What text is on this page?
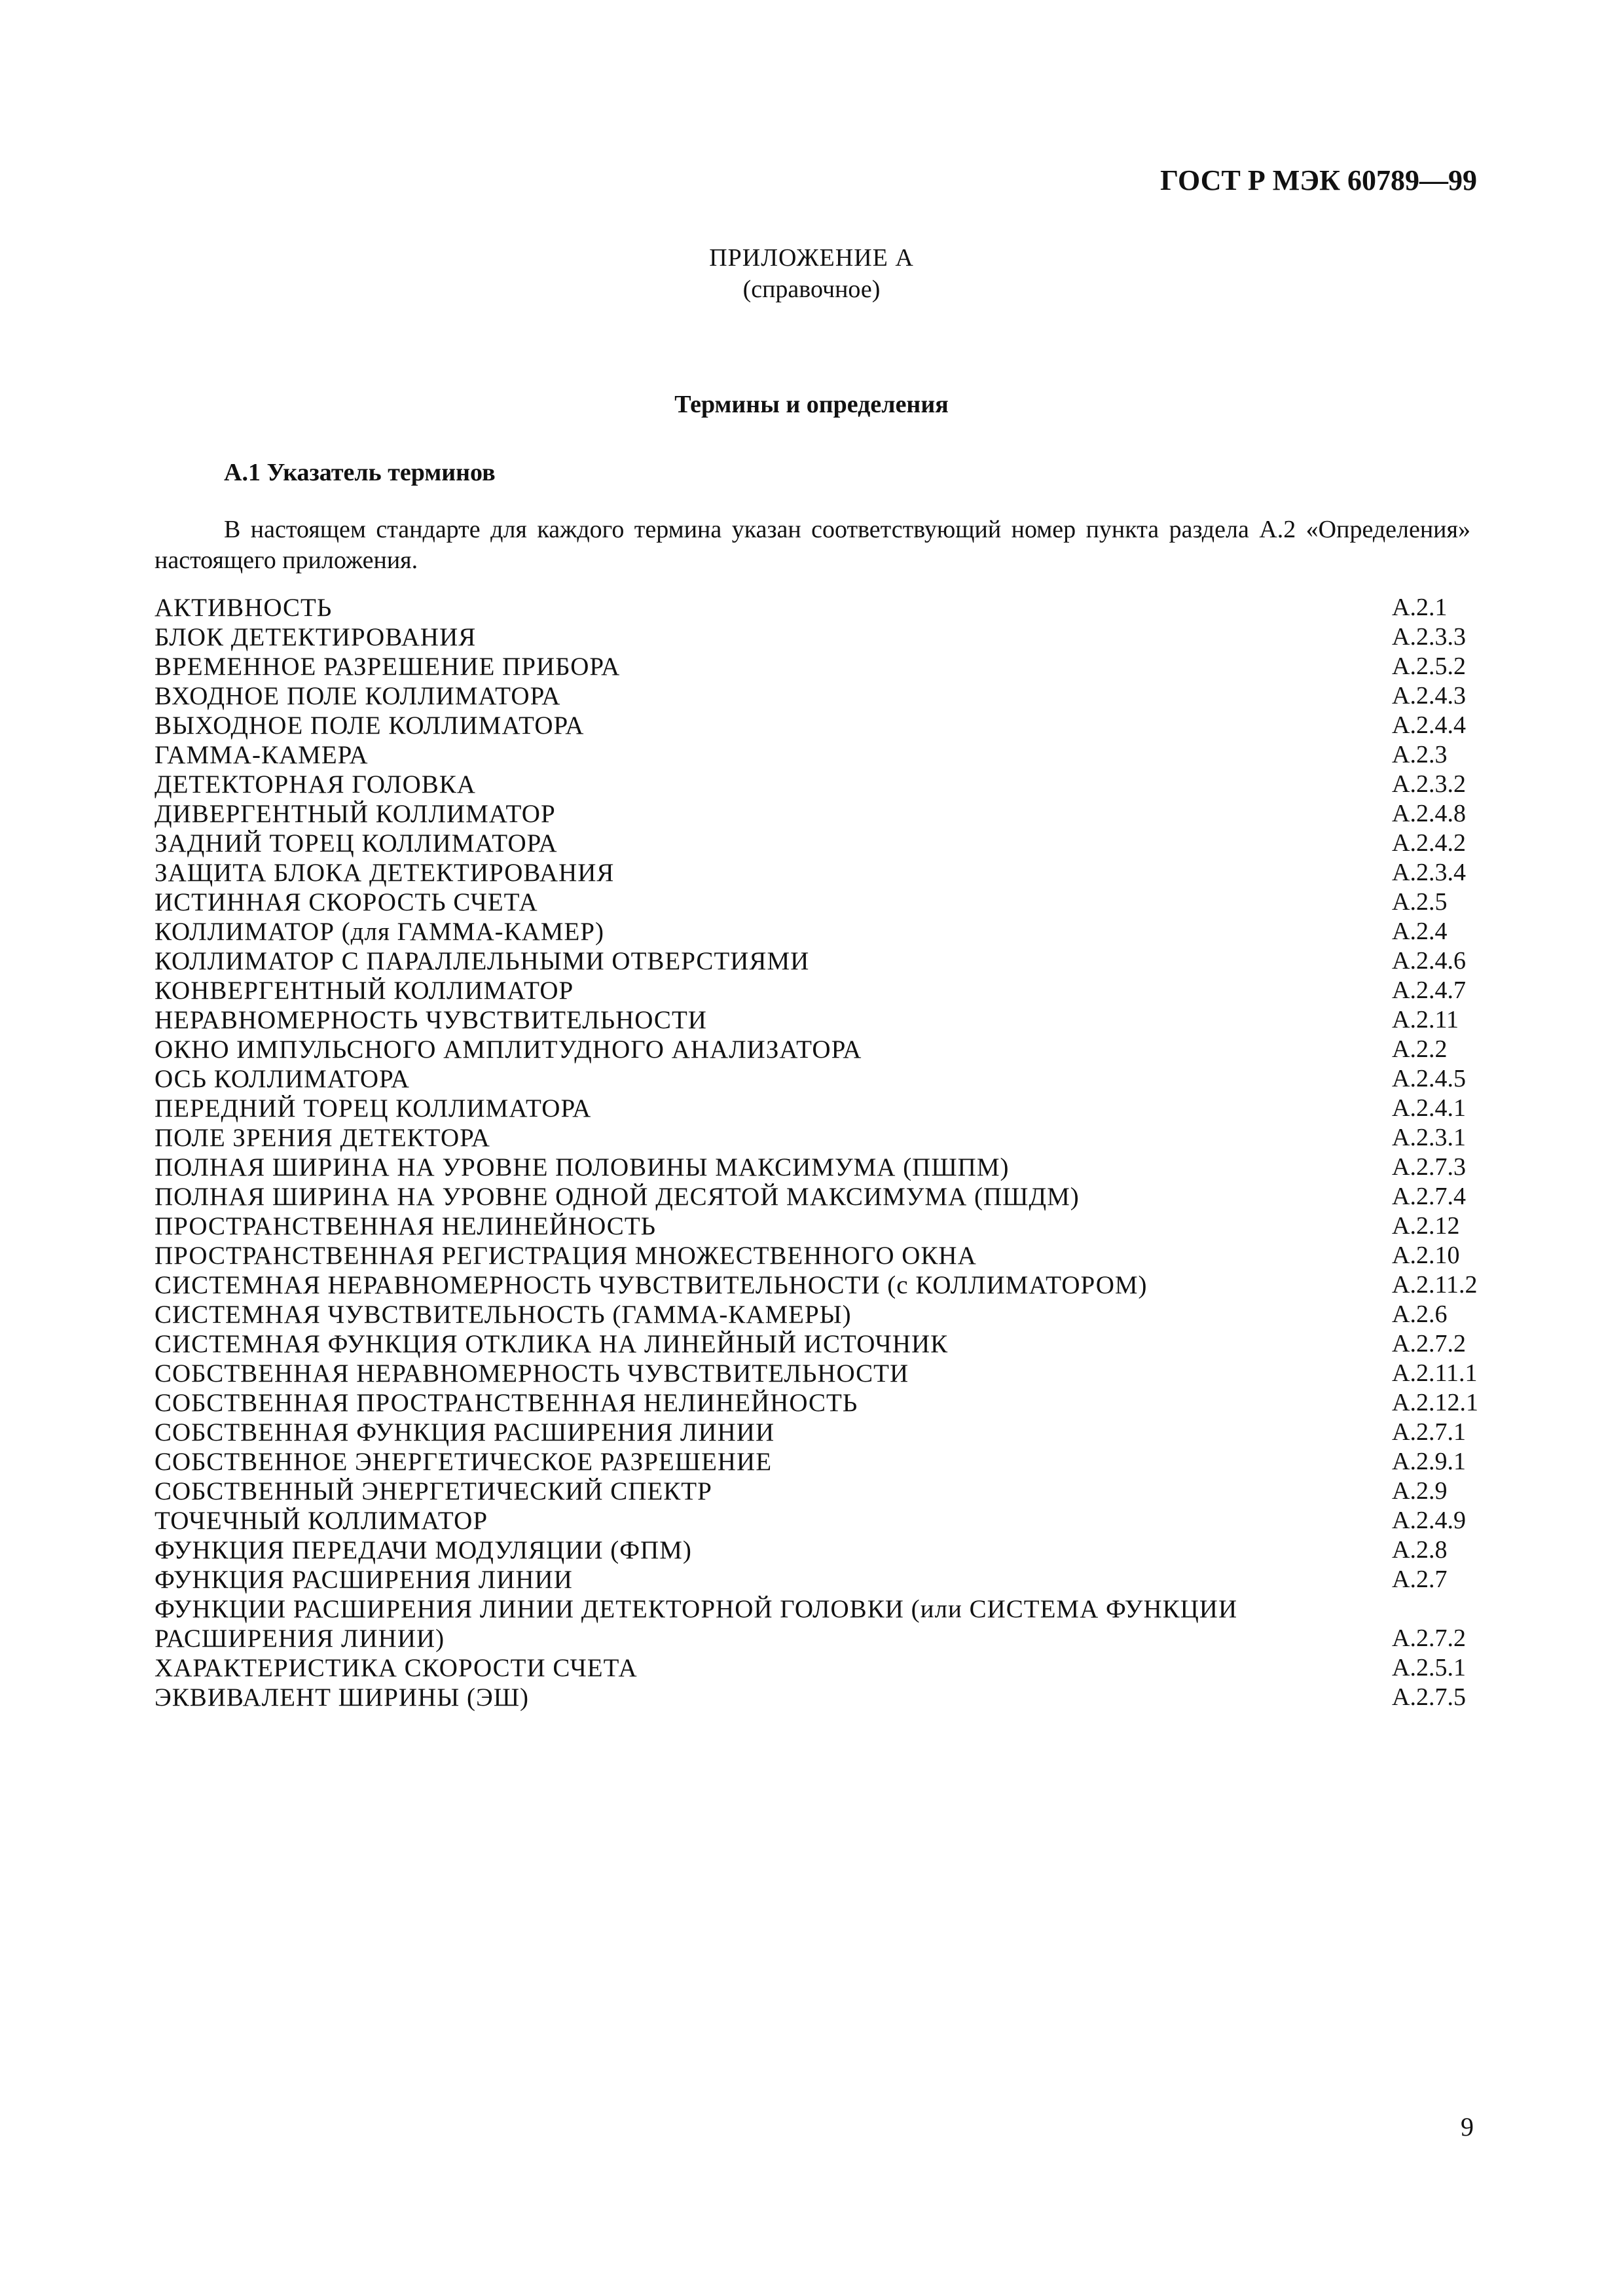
ГОСТ Р МЭК 60789—99
ПРИЛОЖЕНИЕ А
(справочное)
Термины и определения
А.1 Указатель терминов
В настоящем стандарте для каждого термина указан соответствующий номер пункта раздела А.2 «Определения» настоящего приложения.
АКТИВНОСТЬ	А.2.1
БЛОК ДЕТЕКТИРОВАНИЯ	А.2.3.3
ВРЕМЕННОЕ РАЗРЕШЕНИЕ ПРИБОРА	А.2.5.2
ВХОДНОЕ ПОЛЕ КОЛЛИМАТОРА	А.2.4.3
ВЫХОДНОЕ ПОЛЕ КОЛЛИМАТОРА	А.2.4.4
ГАММА-КАМЕРА	А.2.3
ДЕТЕКТОРНАЯ ГОЛОВКА	А.2.3.2
ДИВЕРГЕНТНЫЙ КОЛЛИМАТОР	А.2.4.8
ЗАДНИЙ ТОРЕЦ КОЛЛИМАТОРА	А.2.4.2
ЗАЩИТА БЛОКА ДЕТЕКТИРОВАНИЯ	А.2.3.4
ИСТИННАЯ СКОРОСТЬ СЧЕТА	А.2.5
КОЛЛИМАТОР (для ГАММА-КАМЕР)	А.2.4
КОЛЛИМАТОР С ПАРАЛЛЕЛЬНЫМИ ОТВЕРСТИЯМИ	А.2.4.6
КОНВЕРГЕНТНЫЙ КОЛЛИМАТОР	А.2.4.7
НЕРАВНОМЕРНОСТЬ ЧУВСТВИТЕЛЬНОСТИ	А.2.11
ОКНО ИМПУЛЬСНОГО АМПЛИТУДНОГО АНАЛИЗАТОРА	А.2.2
ОСЬ КОЛЛИМАТОРА	А.2.4.5
ПЕРЕДНИЙ ТОРЕЦ КОЛЛИМАТОРА	А.2.4.1
ПОЛЕ ЗРЕНИЯ ДЕТЕКТОРА	А.2.3.1
ПОЛНАЯ ШИРИНА НА УРОВНЕ ПОЛОВИНЫ МАКСИМУМА (ПШПМ)	А.2.7.3
ПОЛНАЯ ШИРИНА НА УРОВНЕ ОДНОЙ ДЕСЯТОЙ МАКСИМУМА (ПШДМ)	А.2.7.4
ПРОСТРАНСТВЕННАЯ НЕЛИНЕЙНОСТЬ	А.2.12
ПРОСТРАНСТВЕННАЯ РЕГИСТРАЦИЯ МНОЖЕСТВЕННОГО ОКНА	А.2.10
СИСТЕМНАЯ НЕРАВНОМЕРНОСТЬ ЧУВСТВИТЕЛЬНОСТИ (с КОЛЛИМАТОРОМ)	А.2.11.2
СИСТЕМНАЯ ЧУВСТВИТЕЛЬНОСТЬ (ГАММА-КАМЕРЫ)	А.2.6
СИСТЕМНАЯ ФУНКЦИЯ ОТКЛИКА НА ЛИНЕЙНЫЙ ИСТОЧНИК	А.2.7.2
СОБСТВЕННАЯ НЕРАВНОМЕРНОСТЬ ЧУВСТВИТЕЛЬНОСТИ	А.2.11.1
СОБСТВЕННАЯ ПРОСТРАНСТВЕННАЯ НЕЛИНЕЙНОСТЬ	А.2.12.1
СОБСТВЕННАЯ ФУНКЦИЯ РАСШИРЕНИЯ ЛИНИИ	А.2.7.1
СОБСТВЕННОЕ ЭНЕРГЕТИЧЕСКОЕ РАЗРЕШЕНИЕ	А.2.9.1
СОБСТВЕННЫЙ ЭНЕРГЕТИЧЕСКИЙ СПЕКТР	А.2.9
ТОЧЕЧНЫЙ КОЛЛИМАТОР	А.2.4.9
ФУНКЦИЯ ПЕРЕДАЧИ МОДУЛЯЦИИ (ФПМ)	А.2.8
ФУНКЦИЯ РАСШИРЕНИЯ ЛИНИИ	А.2.7
ФУНКЦИИ РАСШИРЕНИЯ ЛИНИИ ДЕТЕКТОРНОЙ ГОЛОВКИ (или СИСТЕМА ФУНКЦИИ РАСШИРЕНИЯ ЛИНИИ)	А.2.7.2
ХАРАКТЕРИСТИКА СКОРОСТИ СЧЕТА	А.2.5.1
ЭКВИВАЛЕНТ ШИРИНЫ (ЭШ)	А.2.7.5
9
